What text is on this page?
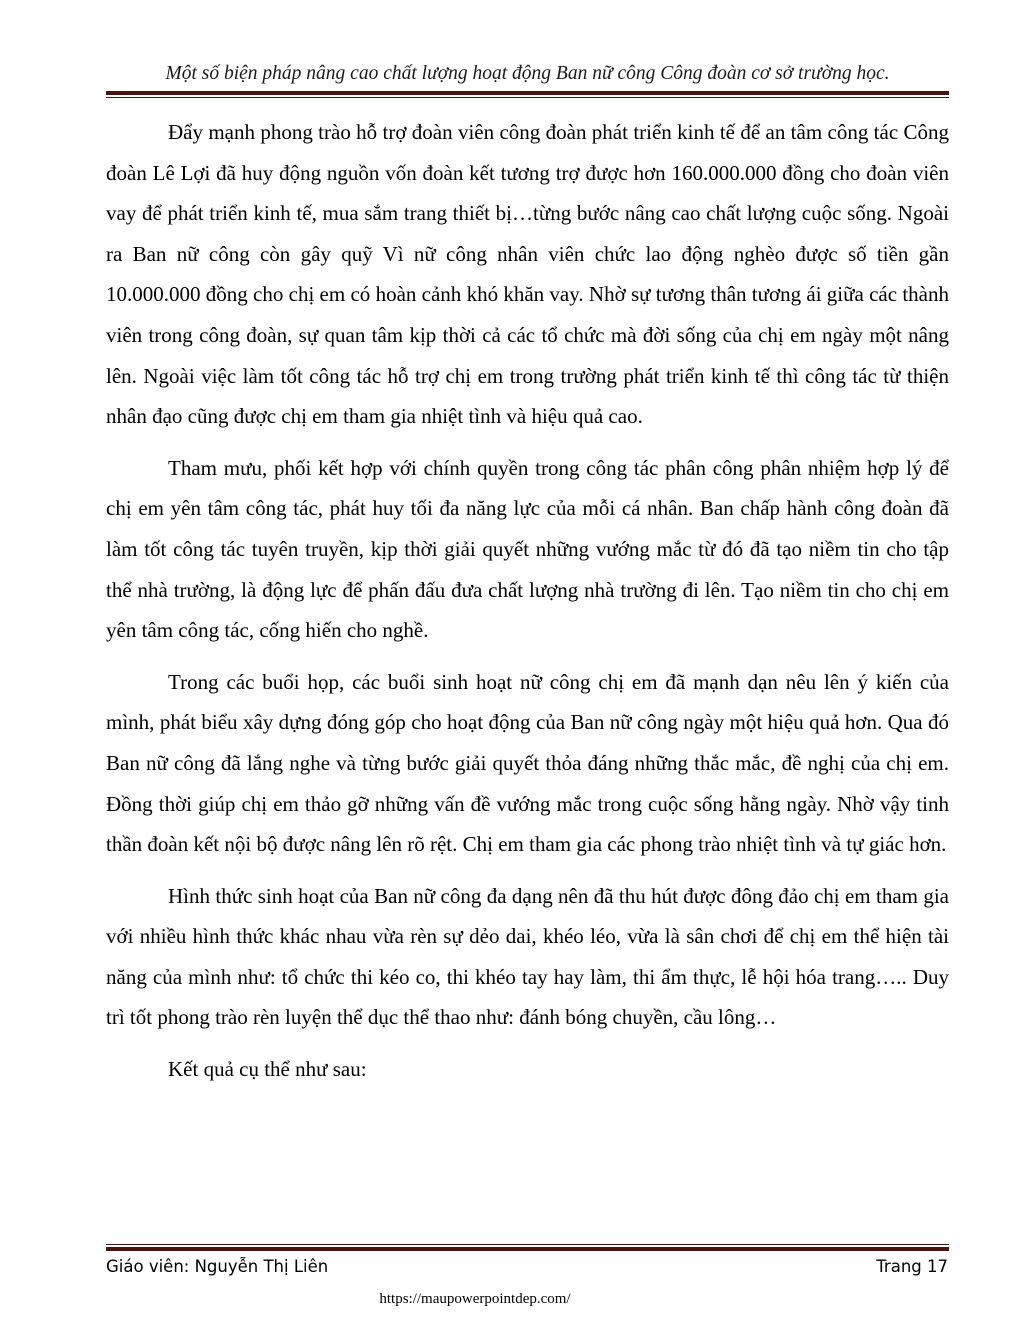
Một số biện pháp nâng cao chất lượng hoạt động Ban nữ công Công đoàn cơ sở trường học.

Đẩy mạnh phong trào hỗ trợ đoàn viên công đoàn phát triển kinh tế để an tâm công tác Công đoàn Lê Lợi đã huy động nguồn vốn đoàn kết tương trợ được hơn 160.000.000 đồng cho đoàn viên vay để phát triển kinh tế, mua sắm trang thiết bị…từng bước nâng cao chất lượng cuộc sống. Ngoài ra Ban nữ công còn gây quỹ Vì nữ công nhân viên chức lao động nghèo được số tiền gần 10.000.000 đồng cho chị em có hoàn cảnh khó khăn vay. Nhờ sự tương thân tương ái giữa các thành viên trong công đoàn, sự quan tâm kịp thời cả các tổ chức mà đời sống của chị em ngày một nâng lên. Ngoài việc làm tốt công tác hỗ trợ chị em trong trường phát triển kinh tế thì công tác từ thiện nhân đạo cũng được chị em tham gia nhiệt tình và hiệu quả cao.

Tham mưu, phối kết hợp với chính quyền trong công tác phân công phân nhiệm hợp lý để chị em yên tâm công tác, phát huy tối đa năng lực của mỗi cá nhân. Ban chấp hành công đoàn đã làm tốt công tác tuyên truyền, kịp thời giải quyết những vướng mắc từ đó đã tạo niềm tin cho tập thể nhà trường, là động lực để phấn đấu đưa chất lượng nhà trường đi lên. Tạo niềm tin cho chị em yên tâm công tác, cống hiến cho nghề.

Trong các buổi họp, các buổi sinh hoạt nữ công chị em đã mạnh dạn nêu lên ý kiến của mình, phát biểu xây dựng đóng góp cho hoạt động của Ban nữ công ngày một hiệu quả hơn. Qua đó Ban nữ công đã lắng nghe và từng bước giải quyết thỏa đáng những thắc mắc, đề nghị của chị em. Đồng thời giúp chị em thảo gỡ những vấn đề vướng mắc trong cuộc sống hằng ngày. Nhờ vậy tinh thần đoàn kết nội bộ được nâng lên rõ rệt. Chị em tham gia các phong trào nhiệt tình và tự giác hơn.

Hình thức sinh hoạt của Ban nữ công đa dạng nên đã thu hút được đông đảo chị em tham gia với nhiều hình thức khác nhau vừa rèn sự dẻo dai, khéo léo, vừa là sân chơi để chị em thể hiện tài năng của mình như: tổ chức thi kéo co, thi khéo tay hay làm, thi ẩm thực, lễ hội hóa trang….. Duy trì tốt phong trào rèn luyện thể dục thể thao như: đánh bóng chuyền, cầu lông…

Kết quả cụ thể như sau:

Giáo viên: Nguyễn Thị Liên	Trang 17
https://maupowerpointdep.com/
